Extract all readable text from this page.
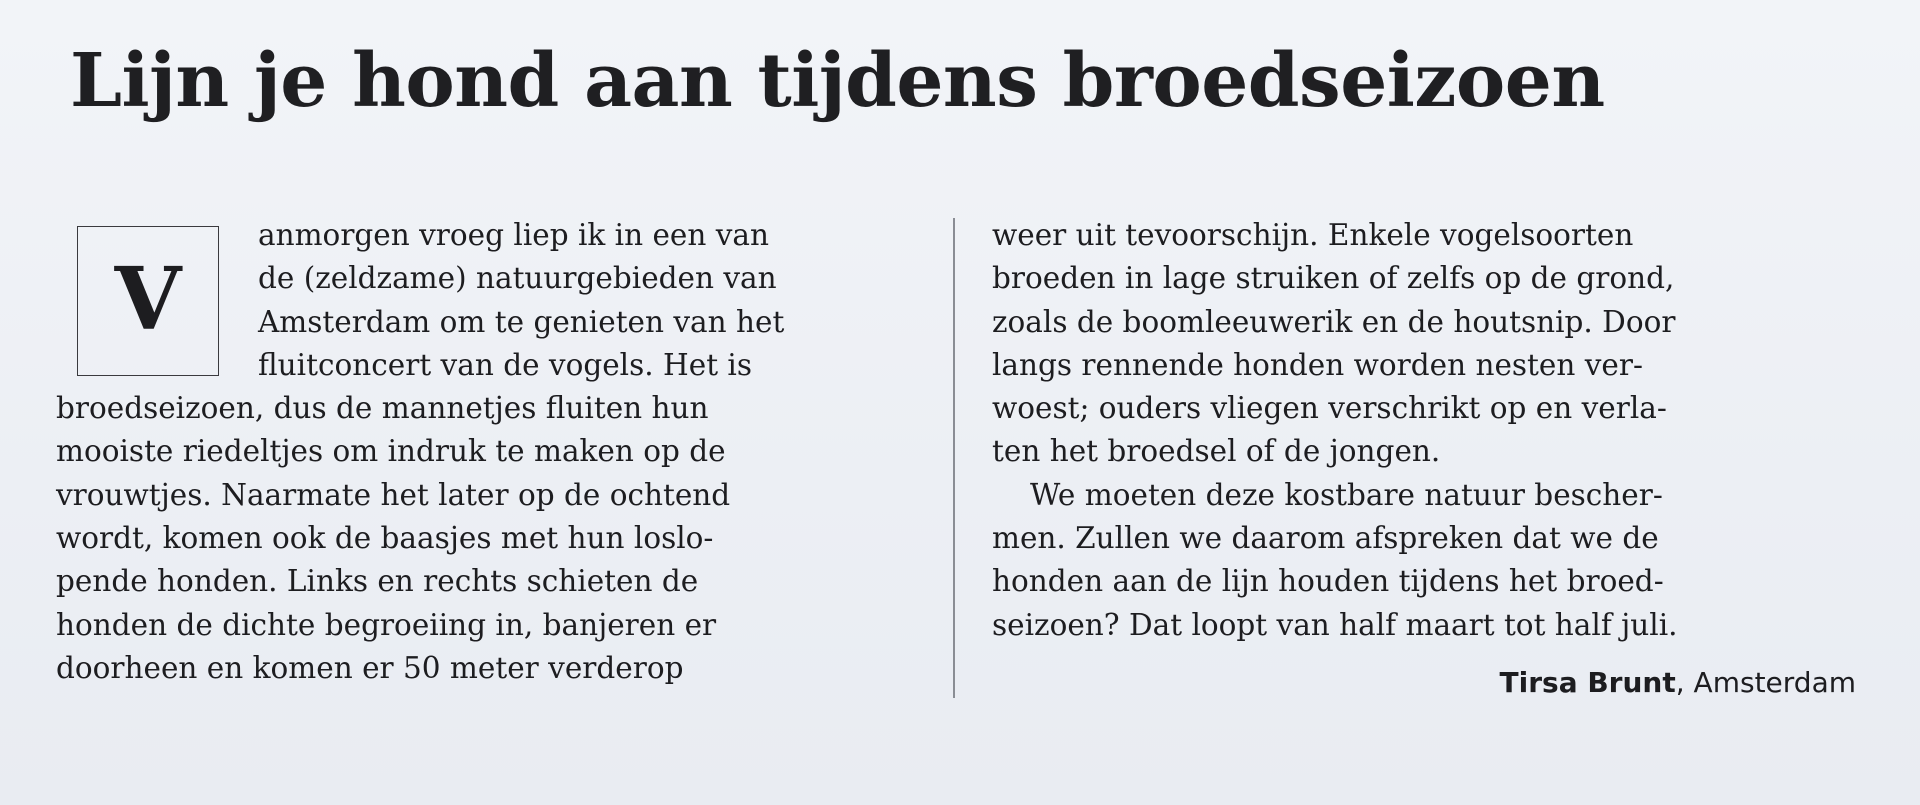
Lijn je hond aan tijdens broedseizoen
V
anmorgen vroeg liep ik in een van
de (zeldzame) natuurgebieden van
Amsterdam om te genieten van het
fluitconcert van de vogels. Het is
broedseizoen, dus de mannetjes fluiten hun
mooiste riedeltjes om indruk te maken op de
vrouwtjes. Naarmate het later op de ochtend
wordt, komen ook de baasjes met hun loslo-
pende honden. Links en rechts schieten de
honden de dichte begroeiing in, banjeren er
doorheen en komen er 50 meter verderop
weer uit tevoorschijn. Enkele vogelsoorten
broeden in lage struiken of zelfs op de grond,
zoals de boomleeuwerik en de houtsnip. Door
langs rennende honden worden nesten ver-
woest; ouders vliegen verschrikt op en verla-
ten het broedsel of de jongen.
We moeten deze kostbare natuur bescher-
men. Zullen we daarom afspreken dat we de
honden aan de lijn houden tijdens het broed-
seizoen? Dat loopt van half maart tot half juli.
Tirsa Brunt, Amsterdam
